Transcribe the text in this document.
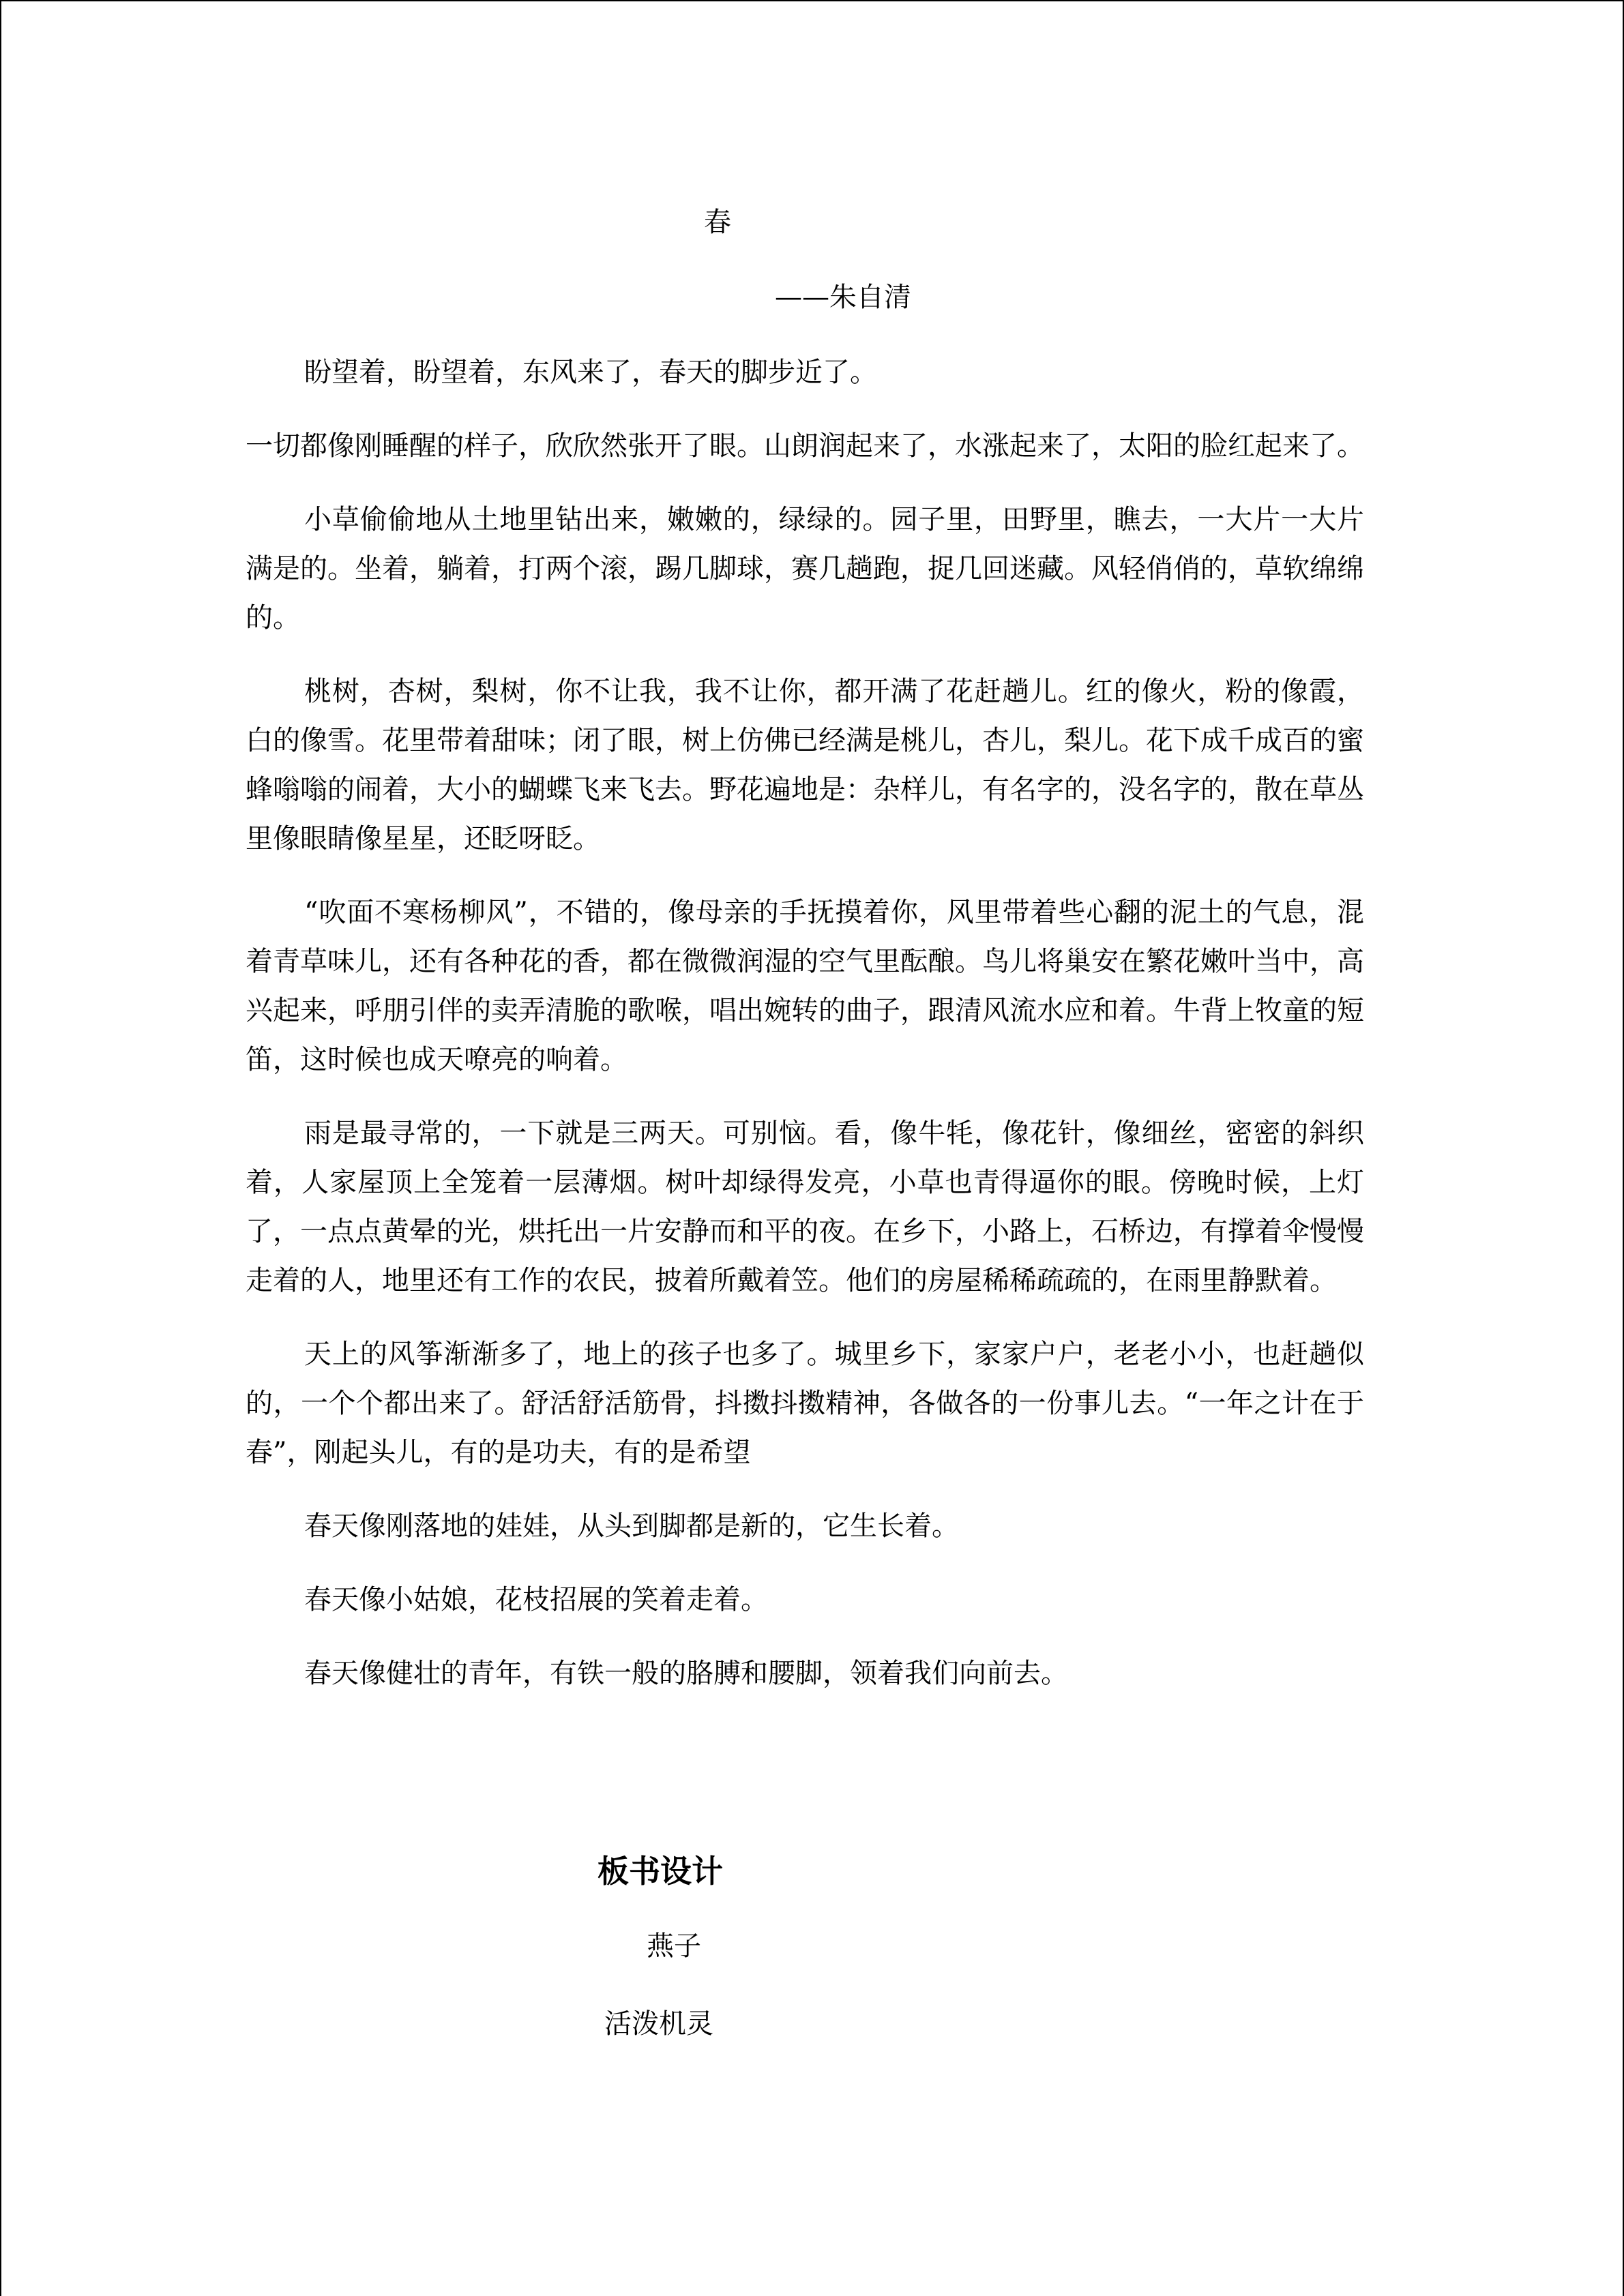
春
——朱自清

盼望着，盼望着，东风来了，春天的脚步近了。

一切都像刚睡醒的样子，欣欣然张开了眼。山朗润起来了，水涨起来了，太阳的脸红起来了。

小草偷偷地从土地里钻出来，嫩嫩的，绿绿的。园子里，田野里，瞧去，一大片一大片满是的。坐着，躺着，打两个滚，踢几脚球，赛几趟跑，捉几回迷藏。风轻俏俏的，草软绵绵的。

桃树，杏树，梨树，你不让我，我不让你，都开满了花赶趟儿。红的像火，粉的像霞，白的像雪。花里带着甜味；闭了眼，树上仿佛已经满是桃儿，杏儿，梨儿。花下成千成百的蜜蜂嗡嗡的闹着，大小的蝴蝶飞来飞去。野花遍地是：杂样儿，有名字的，没名字的，散在草丛里像眼睛像星星，还眨呀眨。

“吹面不寒杨柳风”，不错的，像母亲的手抚摸着你，风里带着些心翻的泥土的气息，混着青草味儿，还有各种花的香，都在微微润湿的空气里酝酿。鸟儿将巢安在繁花嫩叶当中，高兴起来，呼朋引伴的卖弄清脆的歌喉，唱出婉转的曲子，跟清风流水应和着。牛背上牧童的短笛，这时候也成天嘹亮的响着。

雨是最寻常的，一下就是三两天。可别恼。看，像牛牦，像花针，像细丝，密密的斜织着，人家屋顶上全笼着一层薄烟。树叶却绿得发亮，小草也青得逼你的眼。傍晚时候，上灯了，一点点黄晕的光，烘托出一片安静而和平的夜。在乡下，小路上，石桥边，有撑着伞慢慢走着的人，地里还有工作的农民，披着所戴着笠。他们的房屋稀稀疏疏的，在雨里静默着。

天上的风筝渐渐多了，地上的孩子也多了。城里乡下，家家户户，老老小小，也赶趟似的，一个个都出来了。舒活舒活筋骨，抖擞抖擞精神，各做各的一份事儿去。“一年之计在于春”，刚起头儿，有的是功夫，有的是希望

春天像刚落地的娃娃，从头到脚都是新的，它生长着。

春天像小姑娘，花枝招展的笑着走着。

春天像健壮的青年，有铁一般的胳膊和腰脚，领着我们向前去。

板书设计
燕子
活泼机灵
